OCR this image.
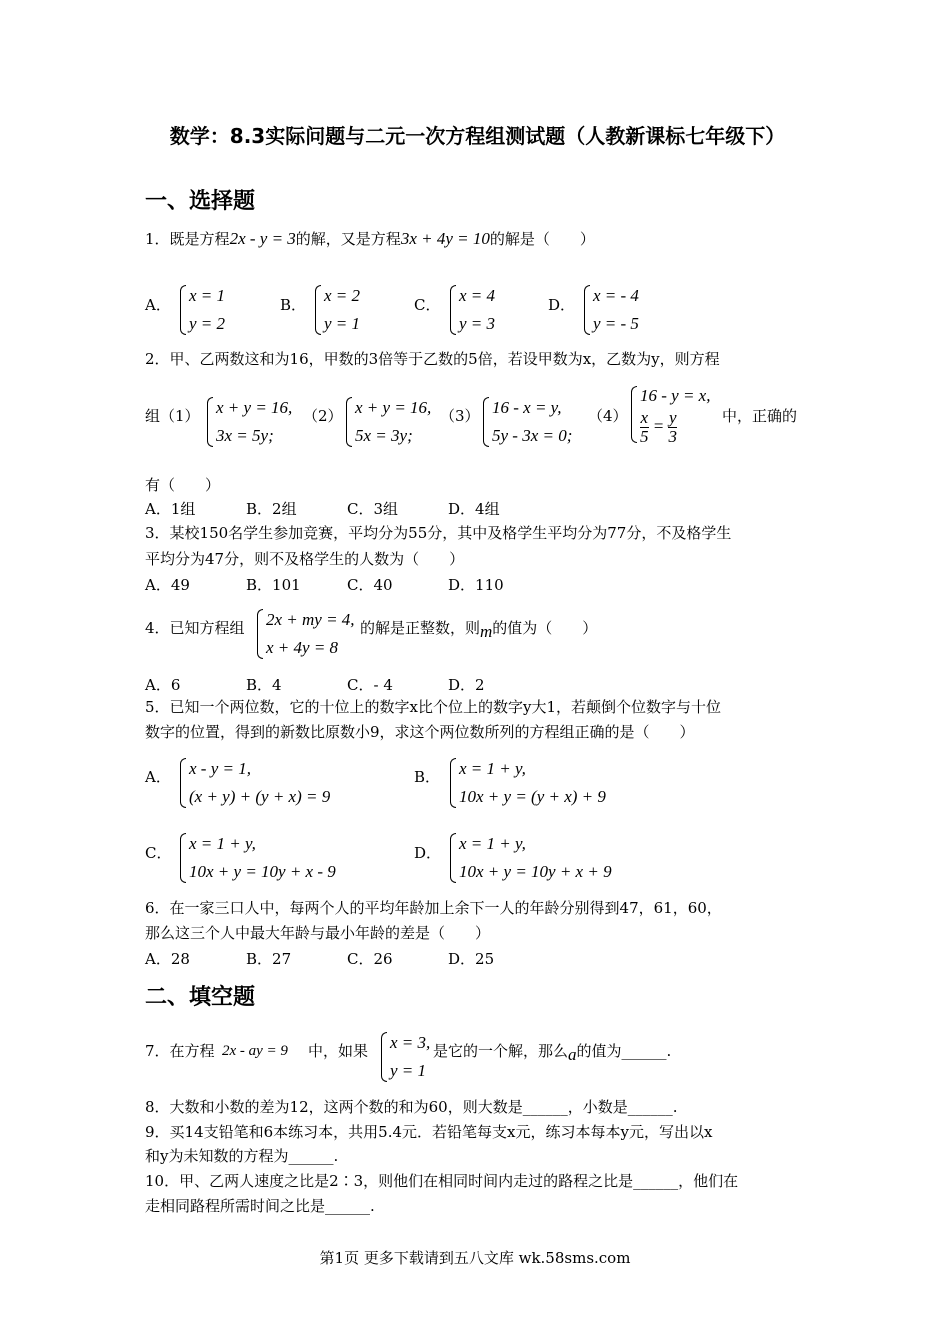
数学：8.3实际问题与二元一次方程组测试题（人教新课标七年级下）
一、选择题
1．既是方程2x - y = 3的解，又是方程3x + 4y = 10的解是（　　）
A． x = 1
y = 2
B． x = 2
y = 1
C． x = 4
y = 3
D． x = - 4
y = - 5
2．甲、乙两数这和为16，甲数的3倍等于乙数的5倍，若设甲数为x，乙数为y，则方程
组（1） x + y = 16,
3x = 5y;
（2） x + y = 16,
5x = 3y;
（3） 16 - x = y,
5y - 3x = 0;
（4）
16 - y = x,
$\frac{x}{5} = \frac{y}{3}$	中，正确的
有（　　）
A．1组	B．2组	C．3组	D．4组
3．某校150名学生参加竞赛，平均分为55分，其中及格学生平均分为77分，不及格学生
平均分为47分，则不及格学生的人数为（　　）
A．49	B．101	C．40	D．110
4．已知方程组 2x + my = 4,
x + 4y = 8
的解是正整数，则m的值为（　　）
A．6	B．4	C．- 4	D．2
5．已知一个两位数，它的十位上的数字x比个位上的数字y大1，若颠倒个位数字与十位
数字的位置，得到的新数比原数小9，求这个两位数所列的方程组正确的是（　　）
A． x - y = 1,
(x + y) + (y + x) = 9
B． x = 1 + y,
10x + y = (y + x) + 9
C． x = 1 + y,
10x + y = 10y + x - 9
D． x = 1 + y,
10x + y = 10y + x + 9
6．在一家三口人中，每两个人的平均年龄加上余下一人的年龄分别得到47，61，60，
那么这三个人中最大年龄与最小年龄的差是（　　）
A．28	B．27	C．26	D．25
二、填空题
7．在方程 2x - ay = 9 中，如果 x = 3,
y = 1
是它的一个解，那么a的值为______.
8．大数和小数的差为12，这两个数的和为60，则大数是______，小数是______.
9．买14支铅笔和6本练习本，共用5.4元．若铅笔每支x元，练习本每本y元，写出以x
和y为未知数的方程为______.
10．甲、乙两人速度之比是2∶3，则他们在相同时间内走过的路程之比是______，他们在
走相同路程所需时间之比是______.
第1页 更多下载请到五八文库 wk.58sms.com
